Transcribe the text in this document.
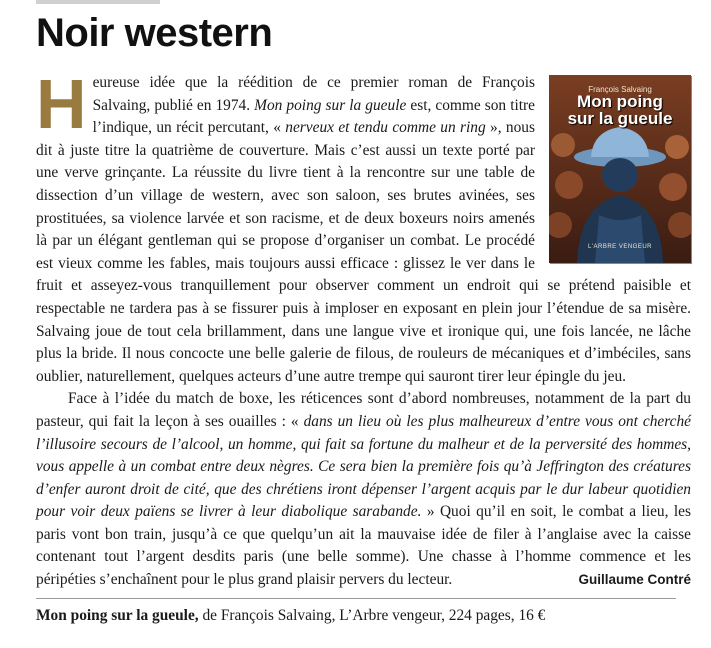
Noir western
H	François Salvaing
Mon poing
sur la gueule
L'ARBRE VENGEUR

eureuse idée que la réédition de ce premier roman de François Salvaing, publié en 1974. Mon poing sur la gueule est, comme son titre l’indique, un récit percutant, « nerveux et tendu comme un ring », nous dit à juste titre la quatrième de couverture. Mais c’est aussi un texte porté par une verve grinçante. La réussite du livre tient à la rencontre sur une table de dissection d’un village de western, avec son saloon, ses brutes avinées, ses prostituées, sa violence larvée et son racisme, et de deux boxeurs noirs amenés là par un élégant gentleman qui se propose d’organiser un combat. Le procédé est vieux comme les fables, mais toujours aussi efficace : glissez le ver dans le fruit et asseyez-vous tranquillement pour observer comment un endroit qui se prétend paisible et respectable ne tardera pas à se fissurer puis à imploser en exposant en plein jour l’étendue de sa misère. Salvaing joue de tout cela brillamment, dans une langue vive et ironique qui, une fois lancée, ne lâche plus la bride. Il nous concocte une belle galerie de filous, de rouleurs de mécaniques et d’imbéciles, sans oublier, naturellement, quelques acteurs d’une autre trempe qui sauront tirer leur épingle du jeu.

Face à l’idée du match de boxe, les réticences sont d’abord nombreuses, notamment de la part du pasteur, qui fait la leçon à ses ouailles : « dans un lieu où les plus malheureux d’entre vous ont cherché l’illusoire secours de l’alcool, un homme, qui fait sa fortune du malheur et de la perversité des hommes, vous appelle à un combat entre deux nègres. Ce sera bien la première fois qu’à Jeffrington des créatures d’enfer auront droit de cité, que des chrétiens iront dépenser l’argent acquis par le dur labeur quotidien pour voir deux païens se livrer à leur diabolique sarabande. » Quoi qu’il en soit, le combat a lieu, les paris vont bon train, jusqu’à ce que quelqu’un ait la mauvaise idée de filer à l’anglaise avec la caisse contenant tout l’argent desdits paris (une belle somme). Une chasse à l’homme commence et les péripéties s’enchaînent pour le plus grand plaisir pervers du lecteur.	Guillaume Contré

Mon poing sur la gueule, de François Salvaing, L’Arbre vengeur, 224 pages, 16 €
